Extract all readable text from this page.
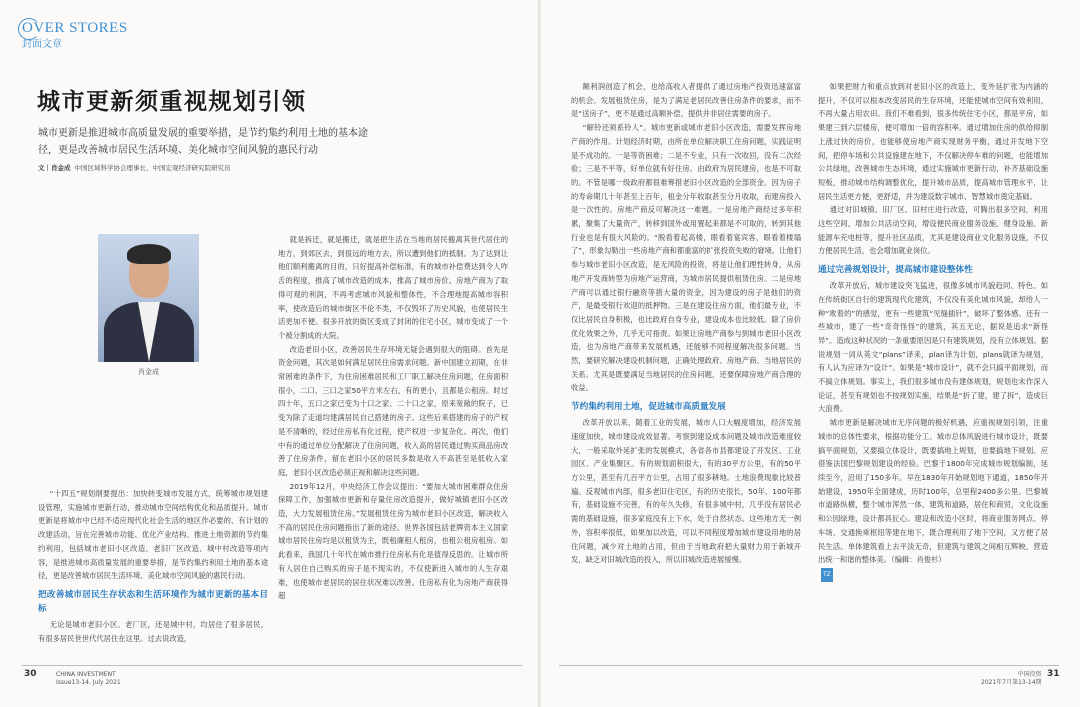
OVER STORES
封面文章
城市更新须重视规划引领

城市更新是推进城市高质量发展的重要举措，是节约集约利用土地的基本途径，更是改善城市居民生活环境、美化城市空间风貌的惠民行动

文｜肖金成 中国区域科学协会理事长、中国宏观经济研究院研究员
肖金成

“十四五”规划纲要提出：加快转变城市发展方式，统筹城市规划建设管理，实施城市更新行动，推动城市空间结构优化和品质提升。城市更新是将城市中已经不适应现代化社会生活的地区作必要的、有计划的改建活动，旨在完善城市功能、优化产业结构、推进土地资源的节约集约利用，包括城市老旧小区改造、老旧厂区改造、城中村改造等项内容，是推进城市高质量发展的重要举措，是节约集约利用土地的基本途径，更是改善城市居民生活环境、美化城市空间风貌的惠民行动。

把改善城市居民生存状态和生活环境作为城市更新的基本目标

无论是城市老旧小区、老厂区，还是城中村，均居住了很多居民，有很多居民世世代代居住在这里。过去说改造，

就是拆迁，就是搬迁，就是把生活在当地的居民搬离其世代居住的地方，到郊区去，到很远的地方去，所以遭到他们的抵制。为了达到让他们顺利搬离的目的，只好提高补偿标准，有的城市补偿费达到令人咋舌的程度，推高了城市改造的成本，推高了城市房价。房地产商为了取得可观的利润，不再考虑城市风貌和整体性，不合理地提高城市容积率，使改造后的城市街区不伦不类，不仅毁坏了历史风貌，也使居民生活更加不便。很多开放的街区变成了封闭的住宅小区，城市变成了一个个被分割成的大院。

改造老旧小区，改善居民生存环境无疑会遇到很大的阻碍。首先是资金问题，其次是如何满足居民住房需求问题。新中国建立初期，在非常困难的条件下，为住房困难居民和工厂职工解决住房问题，住房面积很小，二口、三口之家50平方米左右，有的更小，且都是公租房。时过四十年，五口之家已变为十口之家、二十口之家，原来宽敞的院子，已变为除了走道均建满居民自己搭建的房子。这些后来搭建的房子的产权是不清晰的，经过住房私有化过程，使产权进一步复杂化。再次，他们中有的通过单位分配解决了住房问题，收入高的居民通过购买商品房改善了住房条件，留在老旧小区的居民多数是收入不高甚至是低收入家庭，老旧小区改造必须正视和解决这些问题。

2019年12月，中央经济工作会议提出：“要加大城市困难群众住房保障工作，加强城市更新和存量住房改造提升，做好城镇老旧小区改造，大力发展租赁住房。”发展租赁住房为城市老旧小区改造，解决收入不高的居民住房问题指出了新的途径。世界各国包括老牌资本主义国家城市居民住房均是以租赁为主，既租廉租人租房，也租公租房租房。如此看来，我国几十年代在城市推行住房私有化是值得反思的。让城市所有人居住自己购买的房子是不现实的，不仅使新进入城市的人生存艰难，也使城市老居民的居住状况难以改善。住房私有化为房地产商获得超

30	CHINA INVESTMENT
Issue13-14, July 2021

额利润创造了机会，也给高收入者提供了通过房地产投资迅速富富的机会。发展租赁住房，是为了满足老居民改善住房条件的要求，而不是“送房子”，更不是通过高额补偿，提供并非居住需要的房子。

“解铃还须系铃人”。城市更新或城市老旧小区改造，需要发挥房地产商的作用。计划经济时期，由所在单位解决职工住房问题，实践证明是不成功的。一是等资困难；二是不专业，只有一次收回，没有二次经验；三是不平等，好单位就有好住房。由政府为居民建房，也是不可取的。不管是哪一级政府都很难筹措老旧小区改造的全部资金。因为房子的寿命期几十年甚至上百年，租金分年收取甚至分月收取，而建房投入是一次性的。房地产商反可解决这一难题。一是房地产商经过多年积累，聚集了大量资产，转移到国外或用置起来都是不可取的，转到其他行业也是有很大风险的。“脱看着起高楼，眼看着宴宾客，眼看着楼塌了”，形象勾勒出一些房地产商和都重富的扩张投资失败的窘境。让他们参与城市老旧小区改造，是无风险的投资，将是让他们理性转身，从房地产开发商转型为房地产运营商，为城市居民提供租赁住房。二是房地产商可以通过银行融资等措大量的资金，因为建设的房子是他们的资产，是最受银行欢迎的抵押物。三是在建设住房方面，他们最专业，不仅比居民自身积极，也比政府自身专业，建设成本也比较低。除了房价优化效果之外，几乎无可指责。如果让房地产商参与到城市老旧小区改造，也为房地产商带来发展机遇，还能够不同程度解决很多问题。当然，要研究解决建设机制问题，正确处理政府、房地产商、当地居民的关系。尤其是既要满足当地居民的住房问题，还要保障房地产商合理的收益。

节约集约利用土地，促进城市高质量发展

改革开放以来，随着工业的发展，城市人口大幅度增加，经济发展速度加快，城市建设成效显著。考察到建设成本问题及城市改造难度较大，一般采取外延扩张的发展模式，各省各市县都建设了开发区、工业园区、产业集聚区。有的规划面积很大，有的30平方公里，有的50平方公里，甚至有几百平方公里，占用了很多耕地。土地浪费现象比较普遍。反观城市内部，很多老旧住宅区，有的历史很长，50年、100年都有，基础设施不完善，有的年久失修，有很多城中村，几乎没有居民必需的基础设施，很多家庭没有上下水，处于自然状态。这些地方无一例外，容积率很低，如果加以改造，可以不同程度增加城市建设用地的居住问题，减少对土地的占用，但由于当地政府把大量财力用于新城开发，缺乏对旧城改造的投入，所以旧城改造进展缓慢。

如果把财力和重点放到对老旧小区的改造上，变外延扩张为内涵的提升，不仅可以根本改变居民的生存环境，还能使城市空间有效利用，不再大量占用农田。我们不难看到，很多传统住宅小区，都是平房，如果建三到六层楼房，便可增加一倍的容积率。通过增加住房的供给抑制上涨过快的房价，也能够使房地产商实现财务平衡，通过开发地下空间，把停车场和公共设施建在地下，不仅解决停车难的问题，也能增加公共绿地，改善城市生态环境，通过实施城市更新行动，补齐基础设施短板，推动城市结构调整优化，提升城市品质，提高城市管理水平，让居民生活更方便，更舒适，并为建设数字城市、智慧城市奠定基础。

通过对旧城镇、旧厂区、旧村庄进行改造，可腾出很多空间，利用这些空间，增加公共活动空间，增设便民商业服务设施、健身设施、新能源车充电桩等，提升社区品质，尤其是建设商业文化服务设施，不仅方便居民生活，也会增加就业岗位。

通过完善规划设计，提高城市建设整体性

改革开放后，城市建设突飞猛进，很像多城市风貌趋同、特色、如在传统街区自行的建筑现代化建筑，不仅没有美化城市风貌，却给人一种“败着的”的感觉，更有一些建筑“见缝插针”，破坏了整体感。还有一些城市，建了一些“奇奇怪怪”的建筑，其五无论，据说是追求“新怪异”。造成这种状况的一条重要原因是只有建筑规划，没有立体规划。据说规划一词从英文“plans”译来，plan译为计划，plans就译为规划，有人认为应译为“设计”。如果是“城市设计”，就不会只搞平面规划，而不搞立体规划。事实上，我们很多城市没有建体规划，规划也未作深入论证，甚至有规划也不按规划实施，结果是“折了建，建了拆”，造成巨大浪费。

城市更新是解决城市无序问题的极好机遇，应重视规划引领，注重城市的总体性要求，根据功能分工、城市总体风貌进行城市设计，既要搞平面规划，又要搞立体设计，既要搞地上规划，也要搞地下规划。应借鉴法国巴黎规划建设的经验。巴黎于1800年完成城市规划编制，延续至今，沿用了150多年。早在1830年开始规划地下通道，1850年开始建设，1950年全面建成，历时100年，总里程2400多公里。巴黎城市道路纵横，整个城市浑然一体，建筑和道路，居住和商贸，文化设施和公园绿地，设计都具匠心。建设和改造小区时，将商业服务网点、停车场、交通换乘枢纽等建在地下，既合理利用了地下空间，又方便了居民生活。单体建筑看上去平淡无奇，但建筑与建筑之间相互辉映，营造出统一和谐的整体美。（编辑：肖俊杉）

TZ

中国投资
2021年7月第13-14期
31
